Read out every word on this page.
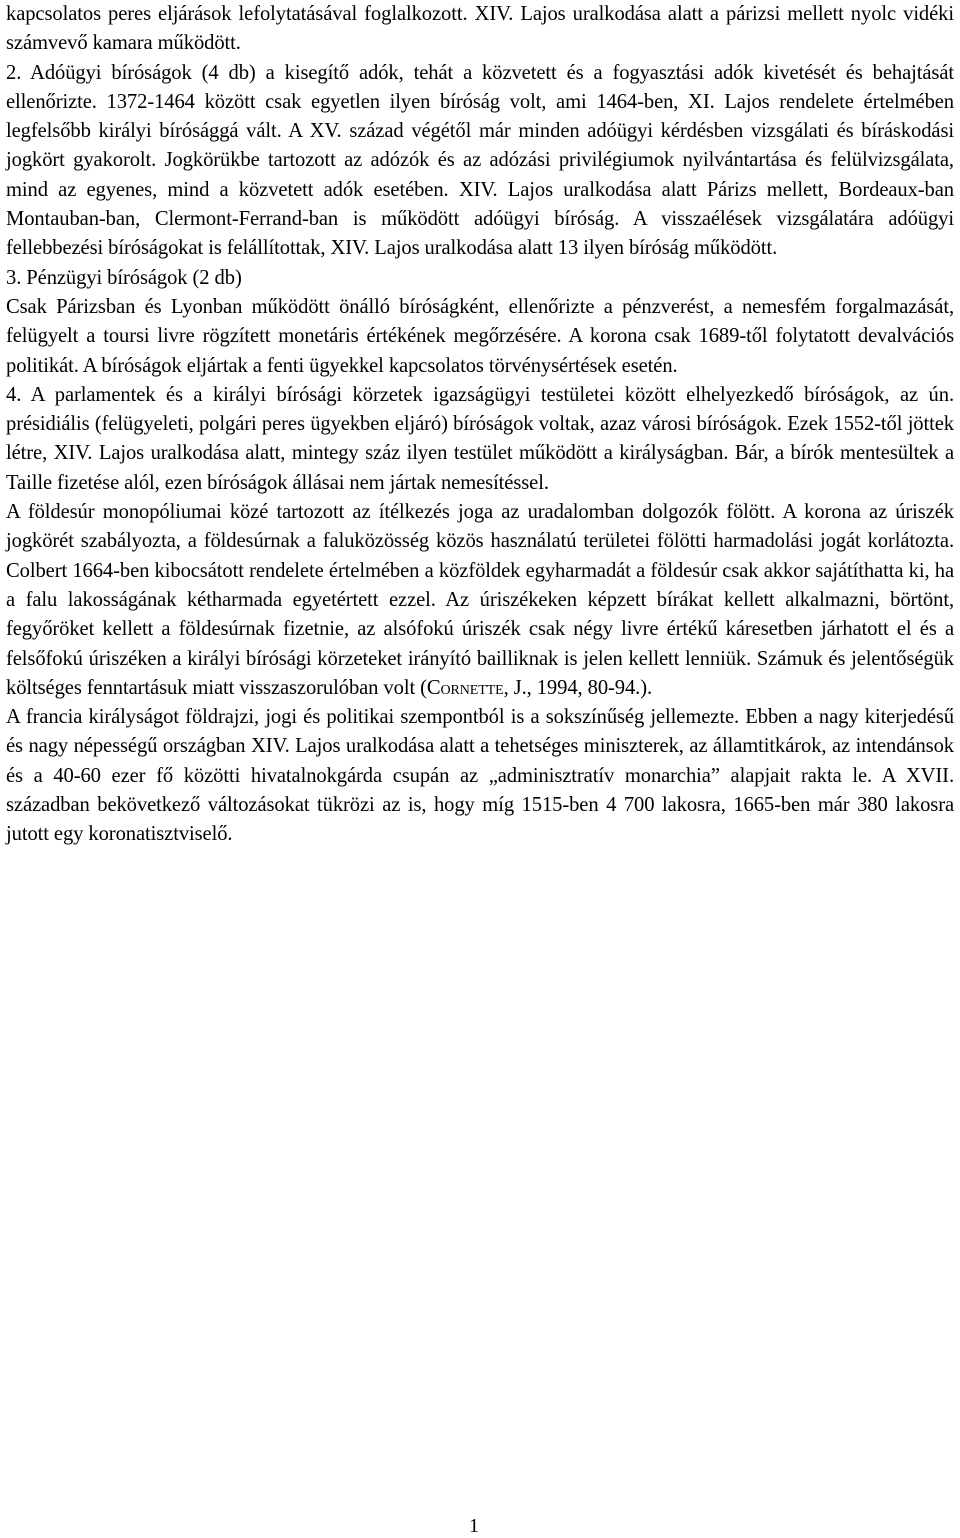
kapcsolatos peres eljárások lefolytatásával foglalkozott. XIV. Lajos uralkodása alatt a párizsi mellett nyolc vidéki számvevő kamara működött.

2. Adóügyi bíróságok (4 db) a kisegítő adók, tehát a közvetett és a fogyasztási adók kivetését és behajtását ellenőrizte. 1372-1464 között csak egyetlen ilyen bíróság volt, ami 1464-ben, XI. Lajos rendelete értelmében legfelsőbb királyi bírósággá vált. A XV. század végétől már minden adóügyi kérdésben vizsgálati és bíráskodási jogkört gyakorolt. Jogkörükbe tartozott az adózók és az adózási privilégiumok nyilvántartása és felülvizsgálata, mind az egyenes, mind a közvetett adók esetében. XIV. Lajos uralkodása alatt Párizs mellett, Bordeaux-ban Montauban-ban, Clermont-Ferrand-ban is működött adóügyi bíróság. A visszaélések vizsgálatára adóügyi fellebbezési bíróságokat is felállítottak, XIV. Lajos uralkodása alatt 13 ilyen bíróság működött.

3. Pénzügyi bíróságok (2 db)

Csak Párizsban és Lyonban működött önálló bíróságként, ellenőrizte a pénzverést, a nemesfém forgalmazását, felügyelt a toursi livre rögzített monetáris értékének megőrzésére. A korona csak 1689-től folytatott devalvációs politikát. A bíróságok eljártak a fenti ügyekkel kapcsolatos törvénysértések esetén.

4. A parlamentek és a királyi bírósági körzetek igazságügyi testületei között elhelyezkedő bíróságok, az ún. présidiális (felügyeleti, polgári peres ügyekben eljáró) bíróságok voltak, azaz városi bíróságok. Ezek 1552-től jöttek létre, XIV. Lajos uralkodása alatt, mintegy száz ilyen testület működött a királyságban. Bár, a bírók mentesültek a Taille fizetése alól, ezen bíróságok állásai nem jártak nemesítéssel.

A földesúr monopóliumai közé tartozott az ítélkezés joga az uradalomban dolgozók fölött. A korona az úriszék jogkörét szabályozta, a földesúrnak a faluközösség közös használatú területei fölötti harmadolási jogát korlátozta. Colbert 1664-ben kibocsátott rendelete értelmében a közföldek egyharmadát a földesúr csak akkor sajátíthatta ki, ha a falu lakosságának kétharmada egyetértett ezzel. Az úriszékeken képzett bírákat kellett alkalmazni, börtönt, fegyőröket kellett a földesúrnak fizetnie, az alsófokú úriszék csak négy livre értékű káresetben járhatott el és a felsőfokú úriszéken a királyi bírósági körzeteket irányító bailliknak is jelen kellett lenniük. Számuk és jelentőségük költséges fenntartásuk miatt visszaszorulóban volt (Cornette, J., 1994, 80-94.).

A francia királyságot földrajzi, jogi és politikai szempontból is a sokszínűség jellemezte. Ebben a nagy kiterjedésű és nagy népességű országban XIV. Lajos uralkodása alatt a tehetséges miniszterek, az államtitkárok, az intendánsok és a 40-60 ezer fő közötti hivatalnokgárda csupán az „adminisztratív monarchia” alapjait rakta le. A XVII. században bekövetkező változásokat tükrözi az is, hogy míg 1515-ben 4 700 lakosra, 1665-ben már 380 lakosra jutott egy koronatisztviselő.

1
